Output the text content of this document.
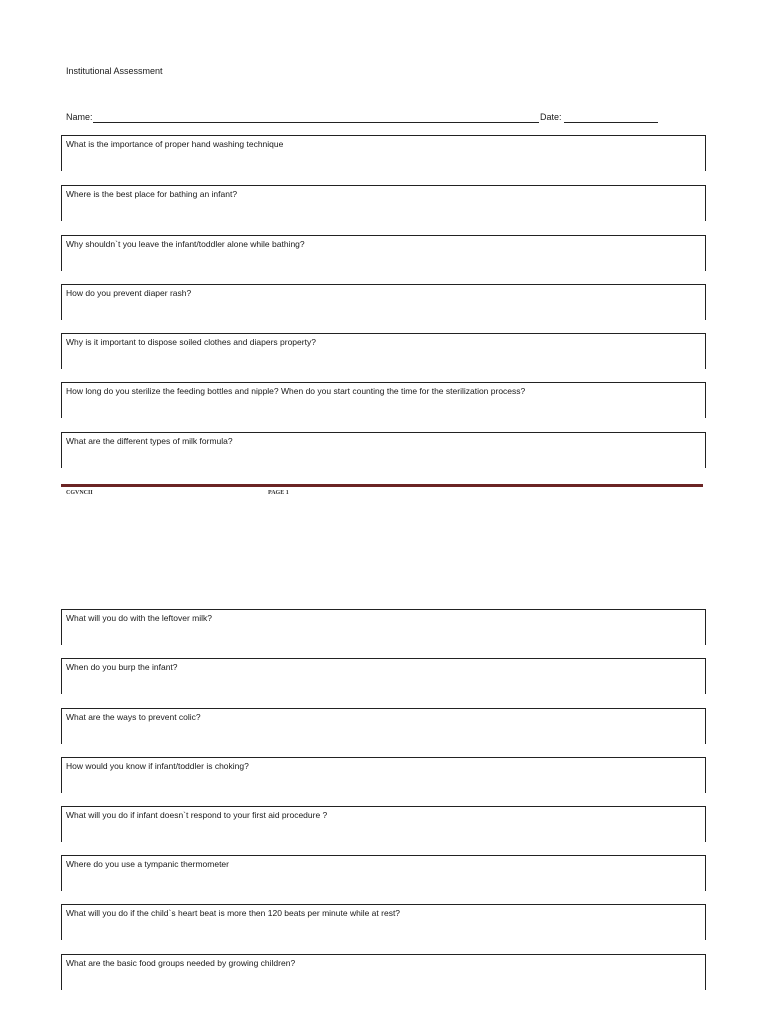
Institutional Assessment
Name:	Date:
What is the importance of proper hand washing technique
Where is the best place for bathing an infant?
Why shouldn`t you leave the infant/toddler alone while bathing?
How do you prevent diaper rash?
Why is it important to dispose soiled clothes and diapers property?
How long do you sterilize the feeding bottles and nipple? When do you start counting the time for the sterilization process?
What are the different types of milk formula?
CGVNCII	PAGE 1
What will you do with the leftover milk?
When do you burp the infant?
What are the ways to prevent colic?
How would you know if infant/toddler is choking?
What will you do if infant doesn`t respond to your first aid procedure ?
Where do you use a tympanic thermometer
What will you do if the child`s heart beat is more then 120 beats per minute while at rest?
What are the basic food groups needed by growing children?
